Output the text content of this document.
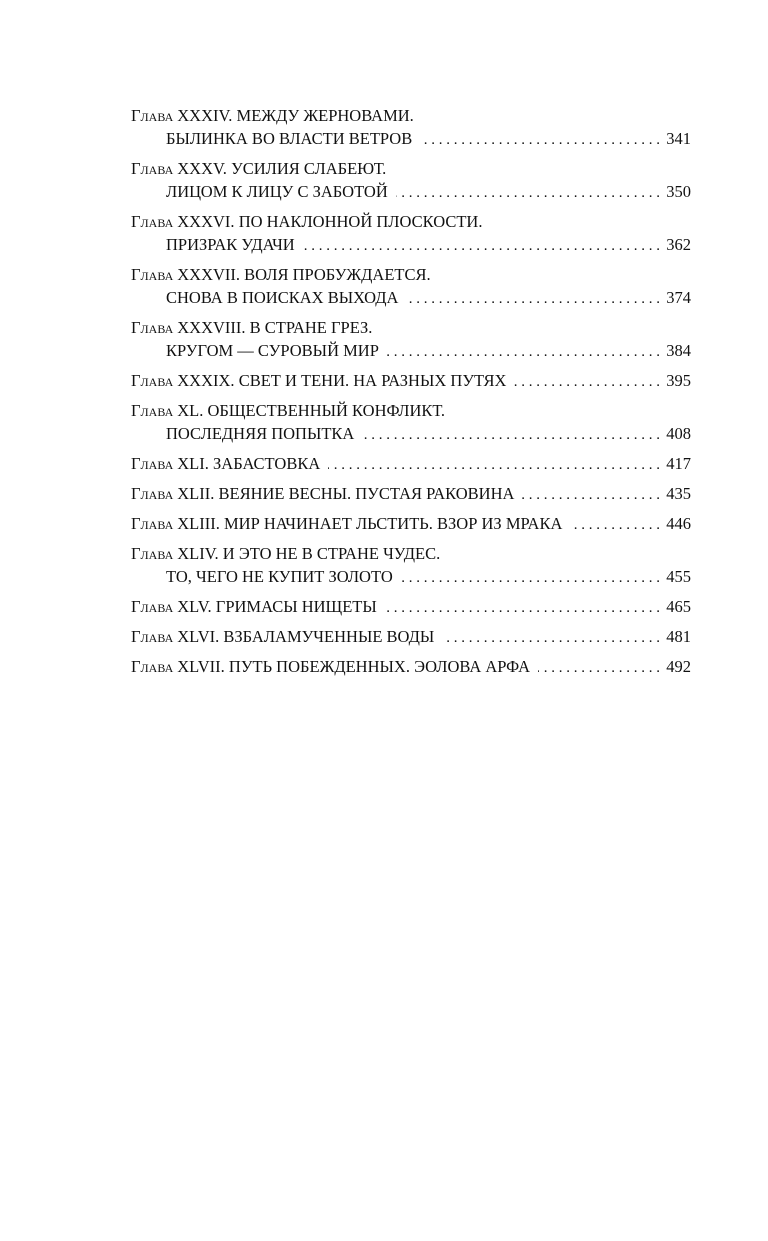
Глава XXXIV.
МЕЖДУ ЖЕРНОВАМИ.
БЫЛИНКА ВО ВЛАСТИ ВЕТРОВ . . .	341
Глава XXXV.
УСИЛИЯ СЛАБЕЮТ.
ЛИЦОМ К ЛИЦУ С ЗАБОТОЙ . . .	350
Глава XXXVI.
ПО НАКЛОННОЙ ПЛОСКОСТИ.
ПРИЗРАК УДАЧИ . . .	362
Глава XXXVII.
ВОЛЯ ПРОБУЖДАЕТСЯ.
СНОВА В ПОИСКАХ ВЫХОДА . . .	374
Глава XXXVIII.
В СТРАНЕ ГРЕЗ.
КРУГОМ — СУРОВЫЙ МИР . . .	384
Глава XXXIX.
СВЕТ И ТЕНИ. НА РАЗНЫХ ПУТЯХ . . .	395
Глава XL.
ОБЩЕСТВЕННЫЙ КОНФЛИКТ.
ПОСЛЕДНЯЯ ПОПЫТКА . . .	408
Глава XLI.
ЗАБАСТОВКА . . .	417
Глава XLII.
ВЕЯНИЕ ВЕСНЫ. ПУСТАЯ РАКОВИНА . . .	435
Глава XLIII.
МИР НАЧИНАЕТ ЛЬСТИТЬ. ВЗОР ИЗ МРАКА . . .	446
Глава XLIV.
И ЭТО НЕ В СТРАНЕ ЧУДЕС.
ТО, ЧЕГО НЕ КУПИТ ЗОЛОТО . . .	455
Глава XLV.
ГРИМАСЫ НИЩЕТЫ . . .	465
Глава XLVI.
ВЗБАЛАМУЧЕННЫЕ ВОДЫ . . .	481
Глава XLVII.
ПУТЬ ПОБЕЖДЕННЫХ. ЭОЛОВА АРФА . . .	492
